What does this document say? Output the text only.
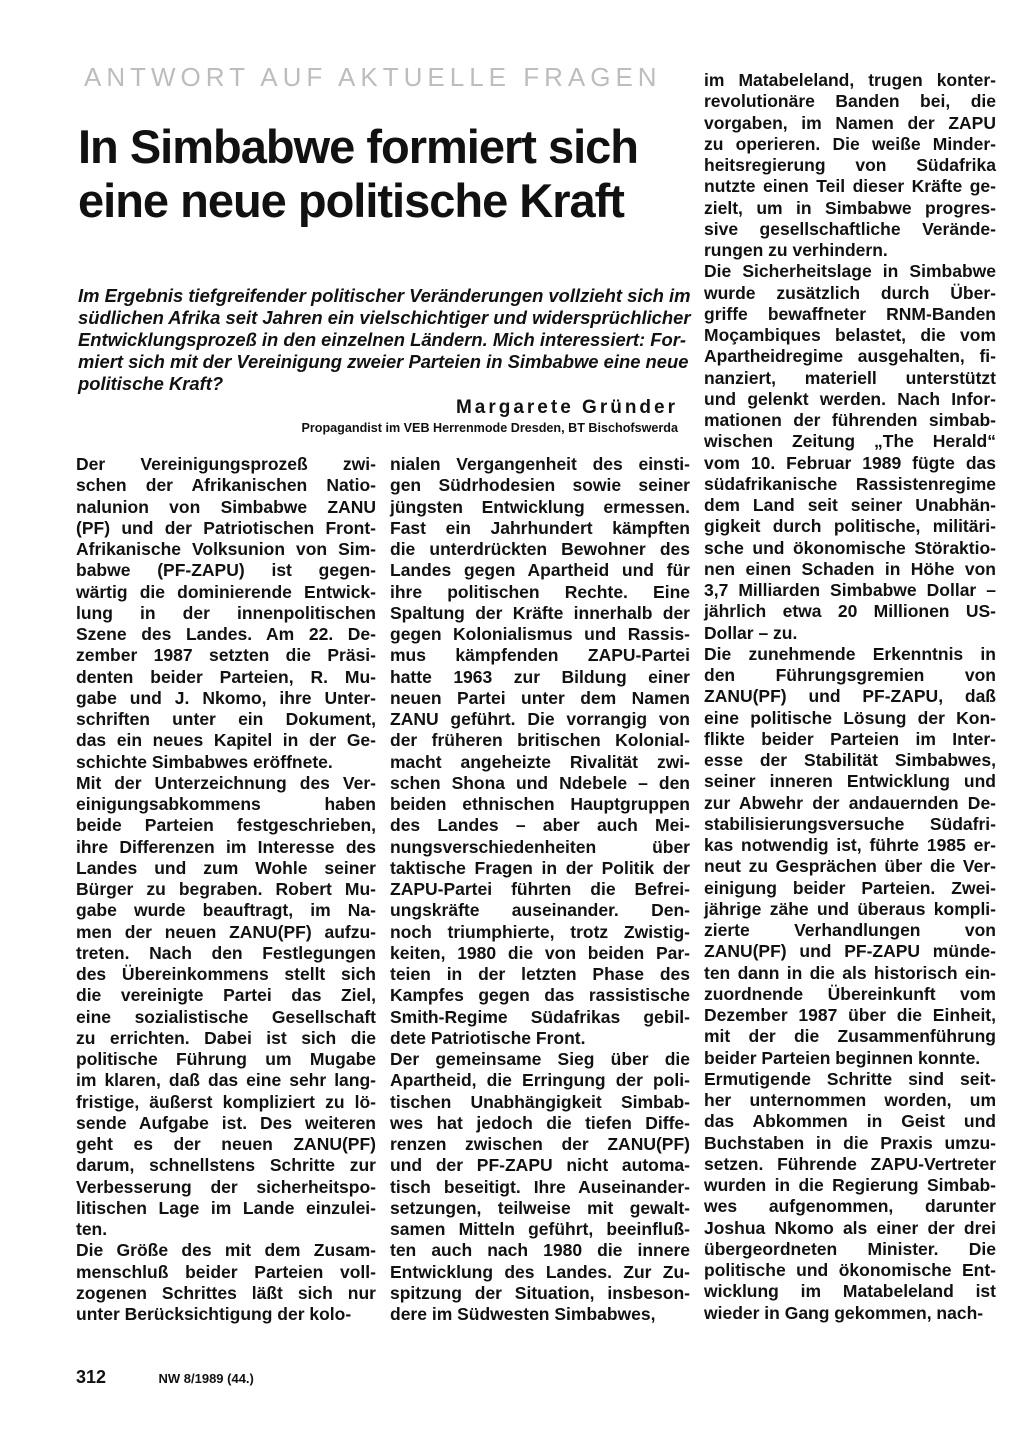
ANTWORT AUF AKTUELLE FRAGEN
In Simbabwe formiert sich
eine neue politische Kraft
Im Ergebnis tiefgreifender politischer Veränderungen vollzieht sich im
südlichen Afrika seit Jahren ein vielschichtiger und widersprüchlicher
Entwicklungsprozeß in den einzelnen Ländern. Mich interessiert: For-
miert sich mit der Vereinigung zweier Parteien in Simbabwe eine neue
politische Kraft?
Margarete Gründer
Propagandist im VEB Herrenmode Dresden, BT Bischofswerda
Der Vereinigungsprozeß zwi-
schen der Afrikanischen Natio-
nalunion von Simbabwe ZANU
(PF) und der Patriotischen Front-
Afrikanische Volksunion von Sim-
babwe (PF-ZAPU) ist gegen-
wärtig die dominierende Entwick-
lung in der innenpolitischen
Szene des Landes. Am 22. De-
zember 1987 setzten die Präsi-
denten beider Parteien, R. Mu-
gabe und J. Nkomo, ihre Unter-
schriften unter ein Dokument,
das ein neues Kapitel in der Ge-
schichte Simbabwes eröffnete.
Mit der Unterzeichnung des Ver-
einigungsabkommens haben
beide Parteien festgeschrieben,
ihre Differenzen im Interesse des
Landes und zum Wohle seiner
Bürger zu begraben. Robert Mu-
gabe wurde beauftragt, im Na-
men der neuen ZANU(PF) aufzu-
treten. Nach den Festlegungen
des Übereinkommens stellt sich
die vereinigte Partei das Ziel,
eine sozialistische Gesellschaft
zu errichten. Dabei ist sich die
politische Führung um Mugabe
im klaren, daß das eine sehr lang-
fristige, äußerst kompliziert zu lö-
sende Aufgabe ist. Des weiteren
geht es der neuen ZANU(PF)
darum, schnellstens Schritte zur
Verbesserung der sicherheitspo-
litischen Lage im Lande einzulei-
ten.
Die Größe des mit dem Zusam-
menschluß beider Parteien voll-
zogenen Schrittes läßt sich nur
unter Berücksichtigung der kolo-
nialen Vergangenheit des einsti-
gen Südrhodesien sowie seiner
jüngsten Entwicklung ermessen.
Fast ein Jahrhundert kämpften
die unterdrückten Bewohner des
Landes gegen Apartheid und für
ihre politischen Rechte. Eine
Spaltung der Kräfte innerhalb der
gegen Kolonialismus und Rassis-
mus kämpfenden ZAPU-Partei
hatte 1963 zur Bildung einer
neuen Partei unter dem Namen
ZANU geführt. Die vorrangig von
der früheren britischen Kolonial-
macht angeheizte Rivalität zwi-
schen Shona und Ndebele – den
beiden ethnischen Hauptgruppen
des Landes – aber auch Mei-
nungsverschiedenheiten über
taktische Fragen in der Politik der
ZAPU-Partei führten die Befrei-
ungskräfte auseinander. Den-
noch triumphierte, trotz Zwistig-
keiten, 1980 die von beiden Par-
teien in der letzten Phase des
Kampfes gegen das rassistische
Smith-Regime Südafrikas gebil-
dete Patriotische Front.
Der gemeinsame Sieg über die
Apartheid, die Erringung der poli-
tischen Unabhängigkeit Simbab-
wes hat jedoch die tiefen Diffe-
renzen zwischen der ZANU(PF)
und der PF-ZAPU nicht automa-
tisch beseitigt. Ihre Auseinander-
setzungen, teilweise mit gewalt-
samen Mitteln geführt, beeinfluß-
ten auch nach 1980 die innere
Entwicklung des Landes. Zur Zu-
spitzung der Situation, insbeson-
dere im Südwesten Simbabwes,
im Matabeleland, trugen konter-
revolutionäre Banden bei, die
vorgaben, im Namen der ZAPU
zu operieren. Die weiße Minder-
heitsregierung von Südafrika
nutzte einen Teil dieser Kräfte ge-
zielt, um in Simbabwe progres-
sive gesellschaftliche Verände-
rungen zu verhindern.
Die Sicherheitslage in Simbabwe
wurde zusätzlich durch Über-
griffe bewaffneter RNM-Banden
Moçambiques belastet, die vom
Apartheidregime ausgehalten, fi-
nanziert, materiell unterstützt
und gelenkt werden. Nach Infor-
mationen der führenden simbab-
wischen Zeitung „The Herald“
vom 10. Februar 1989 fügte das
südafrikanische Rassistenregime
dem Land seit seiner Unabhän-
gigkeit durch politische, militäri-
sche und ökonomische Störaktio-
nen einen Schaden in Höhe von
3,7 Milliarden Simbabwe Dollar –
jährlich etwa 20 Millionen US-
Dollar – zu.
Die zunehmende Erkenntnis in
den Führungsgremien von
ZANU(PF) und PF-ZAPU, daß
eine politische Lösung der Kon-
flikte beider Parteien im Inter-
esse der Stabilität Simbabwes,
seiner inneren Entwicklung und
zur Abwehr der andauernden De-
stabilisierungsversuche Südafri-
kas notwendig ist, führte 1985 er-
neut zu Gesprächen über die Ver-
einigung beider Parteien. Zwei-
jährige zähe und überaus kompli-
zierte Verhandlungen von
ZANU(PF) und PF-ZAPU münde-
ten dann in die als historisch ein-
zuordnende Übereinkunft vom
Dezember 1987 über die Einheit,
mit der die Zusammenführung
beider Parteien beginnen konnte.
Ermutigende Schritte sind seit-
her unternommen worden, um
das Abkommen in Geist und
Buchstaben in die Praxis umzu-
setzen. Führende ZAPU-Vertreter
wurden in die Regierung Simbab-
wes aufgenommen, darunter
Joshua Nkomo als einer der drei
übergeordneten Minister. Die
politische und ökonomische Ent-
wicklung im Matabeleland ist
wieder in Gang gekommen, nach-
312	NW 8/1989 (44.)
